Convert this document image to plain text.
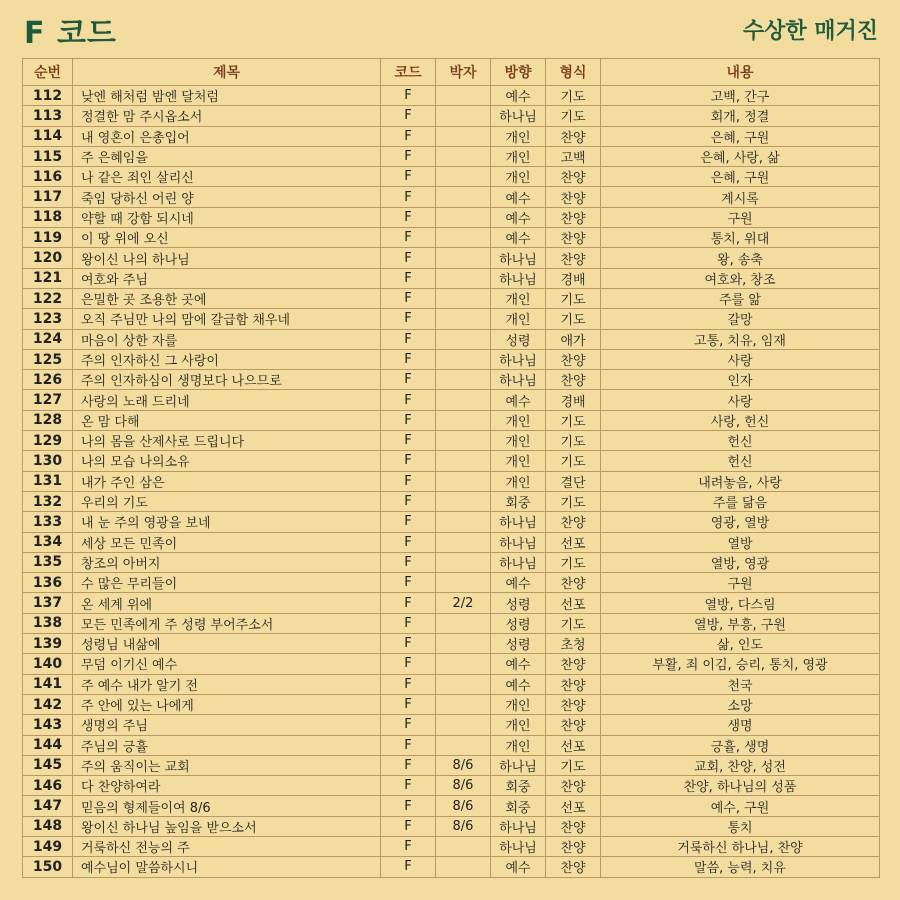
F 코드	수상한 매거진
순번	제목	코드	박자	방향	형식	내용
112	낮엔 해처럼 밤엔 달처럼	F		예수	기도	고백, 간구
113	정결한 맘 주시옵소서	F		하나님	기도	회개, 정결
114	내 영혼이 은총입어	F		개인	찬양	은혜, 구원
115	주 은혜임을	F		개인	고백	은혜, 사랑, 삶
116	나 같은 죄인 살리신	F		개인	찬양	은혜, 구원
117	죽임 당하신 어린 양	F		예수	찬양	계시록
118	약할 때 강함 되시네	F		예수	찬양	구원
119	이 땅 위에 오신	F		예수	찬양	통치, 위대
120	왕이신 나의 하나님	F		하나님	찬양	왕, 송축
121	여호와 주님	F		하나님	경배	여호와, 창조
122	은밀한 곳 조용한 곳에	F		개인	기도	주를 앎
123	오직 주님만 나의 맘에 갈급함 채우네	F		개인	기도	갈망
124	마음이 상한 자를	F		성령	애가	고통, 치유, 임재
125	주의 인자하신 그 사랑이	F		하나님	찬양	사랑
126	주의 인자하심이 생명보다 나으므로	F		하나님	찬양	인자
127	사랑의 노래 드리네	F		예수	경배	사랑
128	온 맘 다해	F		개인	기도	사랑, 헌신
129	나의 몸을 산제사로 드립니다	F		개인	기도	헌신
130	나의 모습 나의소유	F		개인	기도	헌신
131	내가 주인 삼은	F		개인	결단	내려놓음, 사랑
132	우리의 기도	F		회중	기도	주를 닮음
133	내 눈 주의 영광을 보네	F		하나님	찬양	영광, 열방
134	세상 모든 민족이	F		하나님	선포	열방
135	창조의 아버지	F		하나님	기도	열방, 영광
136	수 많은 무리들이	F		예수	찬양	구원
137	온 세계 위에	F	2/2	성령	선포	열방, 다스림
138	모든 민족에게 주 성령 부어주소서	F		성령	기도	열방, 부흥, 구원
139	성령님 내삶에	F		성령	초청	삶, 인도
140	무덤 이기신 예수	F		예수	찬양	부활, 죄 이김, 승리, 통치, 영광
141	주 예수 내가 알기 전	F		예수	찬양	천국
142	주 안에 있는 나에게	F		개인	찬양	소망
143	생명의 주님	F		개인	찬양	생명
144	주님의 긍휼	F		개인	선포	긍휼, 생명
145	주의 움직이는 교회	F	8/6	하나님	기도	교회, 찬양, 성전
146	다 찬양하여라	F	8/6	회중	찬양	찬양, 하나님의 성품
147	믿음의 형제들이여 8/6	F	8/6	회중	선포	예수, 구원
148	왕이신 하나님 높임을 받으소서	F	8/6	하나님	찬양	통치
149	거룩하신 전능의 주	F		하나님	찬양	거룩하신 하나님, 찬양
150	예수님이 말씀하시니	F		예수	찬양	말씀, 능력, 치유
